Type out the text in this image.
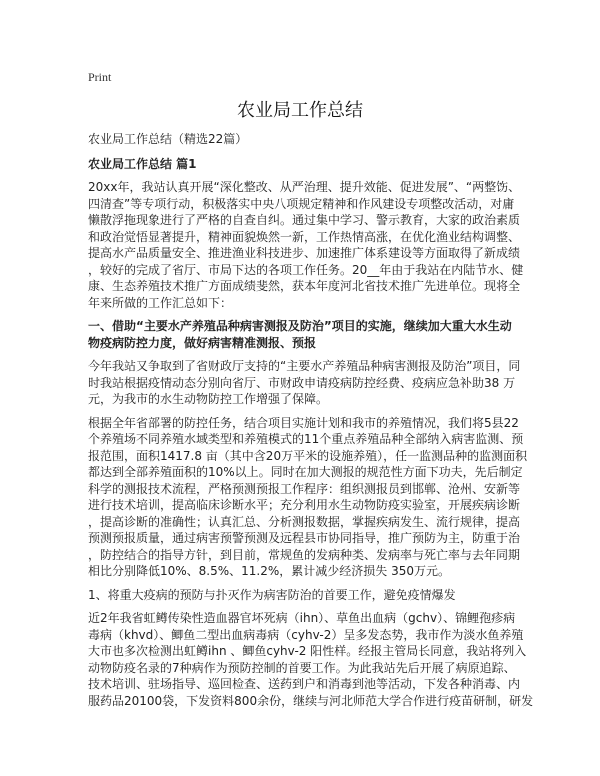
Print
农业局工作总结
农业局工作总结（精选22篇）
农业局工作总结 篇1
20xx年，我站认真开展“深化整改、从严治理、提升效能、促进发展”、“两整饬、
四清查”等专项行动，积极落实中央八项规定精神和作风建设专项整改活动，对庸
懒散浮拖现象进行了严格的自查自纠。通过集中学习、警示教育，大家的政治素质
和政治觉悟显著提升，精神面貌焕然一新，工作热情高涨，在优化渔业结构调整、
提高水产品质量安全、推进渔业科技进步、加速推广体系建设等方面取得了新成绩
，较好的完成了省厅、市局下达的各项工作任务。20__年由于我站在内陆节水、健
康、生态养殖技术推广方面成绩斐然，获本年度河北省技术推广先进单位。现将全
年来所做的工作汇总如下：
一、借助“主要水产养殖品种病害测报及防治”项目的实施，继续加大重大水生动
物疫病防控力度，做好病害精准测报、预报
今年我站又争取到了省财政厅支持的“主要水产养殖品种病害测报及防治”项目，同
时我站根据疫情动态分别向省厅、市财政申请疫病防控经费、疫病应急补助38 万
元，为我市的水生动物防控工作增强了保障。
根据全年省部署的防控任务，结合项目实施计划和我市的养殖情况，我们将5县22
个养殖场不同养殖水域类型和养殖模式的11个重点养殖品种全部纳入病害监测、预
报范围，面积1417.8 亩（其中含20万平米的设施养殖），任一监测品种的监测面积
都达到全部养殖面积的10%以上。同时在加大测报的规范性方面下功夫，先后制定
科学的测报技术流程，严格预测预报工作程序：组织测报员到邯郸、沧州、安新等
进行技术培训，提高临床诊断水平；充分利用水生动物防疫实验室，开展疾病诊断
，提高诊断的准确性；认真汇总、分析测报数据，掌握疾病发生、流行规律，提高
预测预报质量，通过病害预警预测及远程县市协同指导，推广预防为主，防重于治
，防控结合的指导方针，到目前，常规鱼的发病种类、发病率与死亡率与去年同期
相比分别降低10%、8.5%、11.2%，累计减少经济损失 350万元。
1、将重大疫病的预防与扑灭作为病害防治的首要工作，避免疫情爆发
近2年我省虹鳟传染性造血器官坏死病（ihn）、草鱼出血病（gchv）、锦鲤孢疹病
毒病（khvd）、鲫鱼二型出血病毒病（cyhv-2）呈多发态势，我市作为淡水鱼养殖
大市也多次检测出虹鳟ihn 、鲫鱼cyhv-2 阳性样。经报主管局长同意，我站将列入
动物防疫名录的7种病作为预防控制的首要工作。为此我站先后开展了病原追踪、
技术培训、驻场指导、巡回检查、送药到户和消毒到池等活动，下发各种消毒、内
服药品20100袋，下发资料800余份，继续与河北师范大学合作进行疫苗研制，研发
